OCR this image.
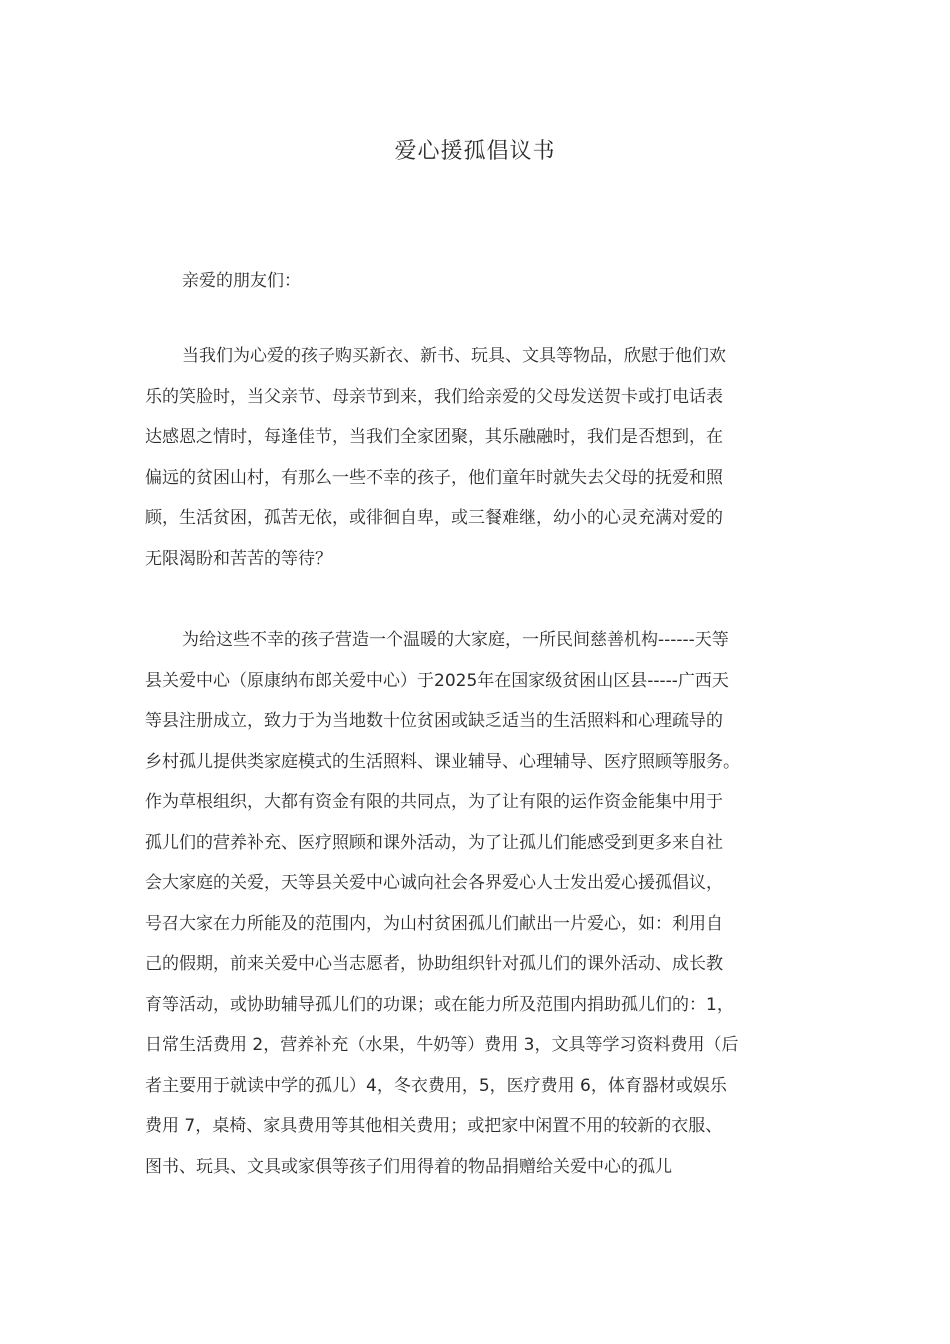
爱心援孤倡议书
亲爱的朋友们：
当我们为心爱的孩子购买新衣、新书、玩具、文具等物品，欣慰于他们欢
乐的笑脸时，当父亲节、母亲节到来，我们给亲爱的父母发送贺卡或打电话表
达感恩之情时，每逢佳节，当我们全家团聚，其乐融融时，我们是否想到，在
偏远的贫困山村，有那么一些不幸的孩子，他们童年时就失去父母的抚爱和照
顾，生活贫困，孤苦无依，或徘徊自卑，或三餐难继，幼小的心灵充满对爱的
无限渴盼和苦苦的等待？
为给这些不幸的孩子营造一个温暖的大家庭，一所民间慈善机构------天等
县关爱中心（原康纳布郎关爱中心）于2025年在国家级贫困山区县-----广西天
等县注册成立，致力于为当地数十位贫困或缺乏适当的生活照料和心理疏导的
乡村孤儿提供类家庭模式的生活照料、课业辅导、心理辅导、医疗照顾等服务。
作为草根组织，大都有资金有限的共同点，为了让有限的运作资金能集中用于
孤儿们的营养补充、医疗照顾和课外活动，为了让孤儿们能感受到更多来自社
会大家庭的关爱，天等县关爱中心诚向社会各界爱心人士发出爱心援孤倡议，
号召大家在力所能及的范围内，为山村贫困孤儿们献出一片爱心，如：利用自
己的假期，前来关爱中心当志愿者，协助组织针对孤儿们的课外活动、成长教
育等活动，或协助辅导孤儿们的功课；或在能力所及范围内捐助孤儿们的：1，
日常生活费用 2，营养补充（水果，牛奶等）费用 3，文具等学习资料费用（后
者主要用于就读中学的孤儿）4，冬衣费用，5，医疗费用 6，体育器材或娱乐
费用 7，桌椅、家具费用等其他相关费用；或把家中闲置不用的较新的衣服、
图书、玩具、文具或家俱等孩子们用得着的物品捐赠给关爱中心的孤儿
